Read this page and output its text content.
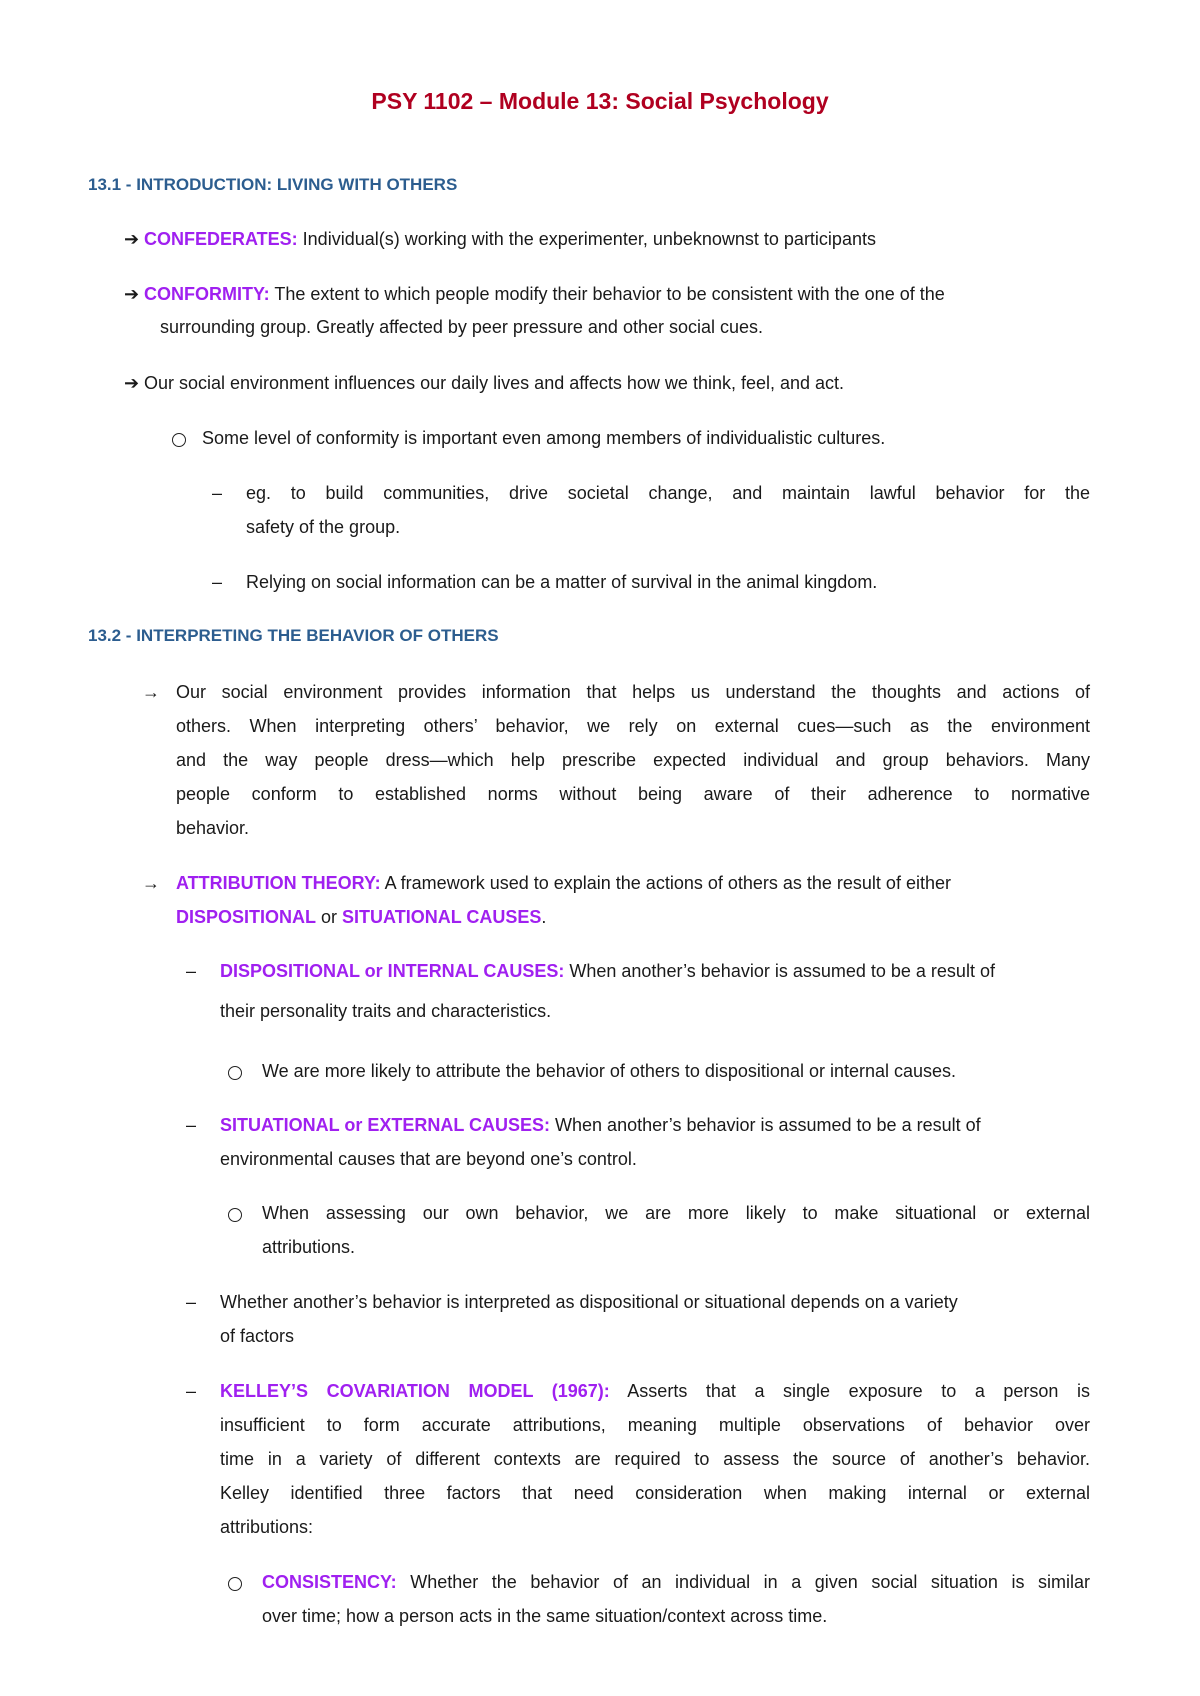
PSY 1102 – Module 13: Social Psychology
13.1 - INTRODUCTION: LIVING WITH OTHERS
➔ CONFEDERATES: Individual(s) working with the experimenter, unbeknownst to participants
➔ CONFORMITY: The extent to which people modify their behavior to be consistent with the one of the
surrounding group. Greatly affected by peer pressure and other social cues.
➔ Our social environment influences our daily lives and affects how we think, feel, and act.
Some level of conformity is important even among members of individualistic cultures.
– eg. to build communities, drive societal change, and maintain lawful behavior for the
safety of the group.
– Relying on social information can be a matter of survival in the animal kingdom.
13.2 - INTERPRETING THE BEHAVIOR OF OTHERS
→ Our social environment provides information that helps us understand the thoughts and actions of
others. When interpreting others’ behavior, we rely on external cues—such as the environment
and the way people dress—which help prescribe expected individual and group behaviors. Many
people conform to established norms without being aware of their adherence to normative
behavior.
→ ATTRIBUTION THEORY: A framework used to explain the actions of others as the result of either
DISPOSITIONAL or SITUATIONAL CAUSES.
– DISPOSITIONAL or INTERNAL CAUSES: When another’s behavior is assumed to be a result of
their personality traits and characteristics.
We are more likely to attribute the behavior of others to dispositional or internal causes.
– SITUATIONAL or EXTERNAL CAUSES: When another’s behavior is assumed to be a result of
environmental causes that are beyond one’s control.
When assessing our own behavior, we are more likely to make situational or external
attributions.
– Whether another’s behavior is interpreted as dispositional or situational depends on a variety
of factors
– KELLEY’S COVARIATION MODEL (1967): Asserts that a single exposure to a person is
insufficient to form accurate attributions, meaning multiple observations of behavior over
time in a variety of different contexts are required to assess the source of another’s behavior.
Kelley identified three factors that need consideration when making internal or external
attributions:
CONSISTENCY: Whether the behavior of an individual in a given social situation is similar
over time; how a person acts in the same situation/context across time.
